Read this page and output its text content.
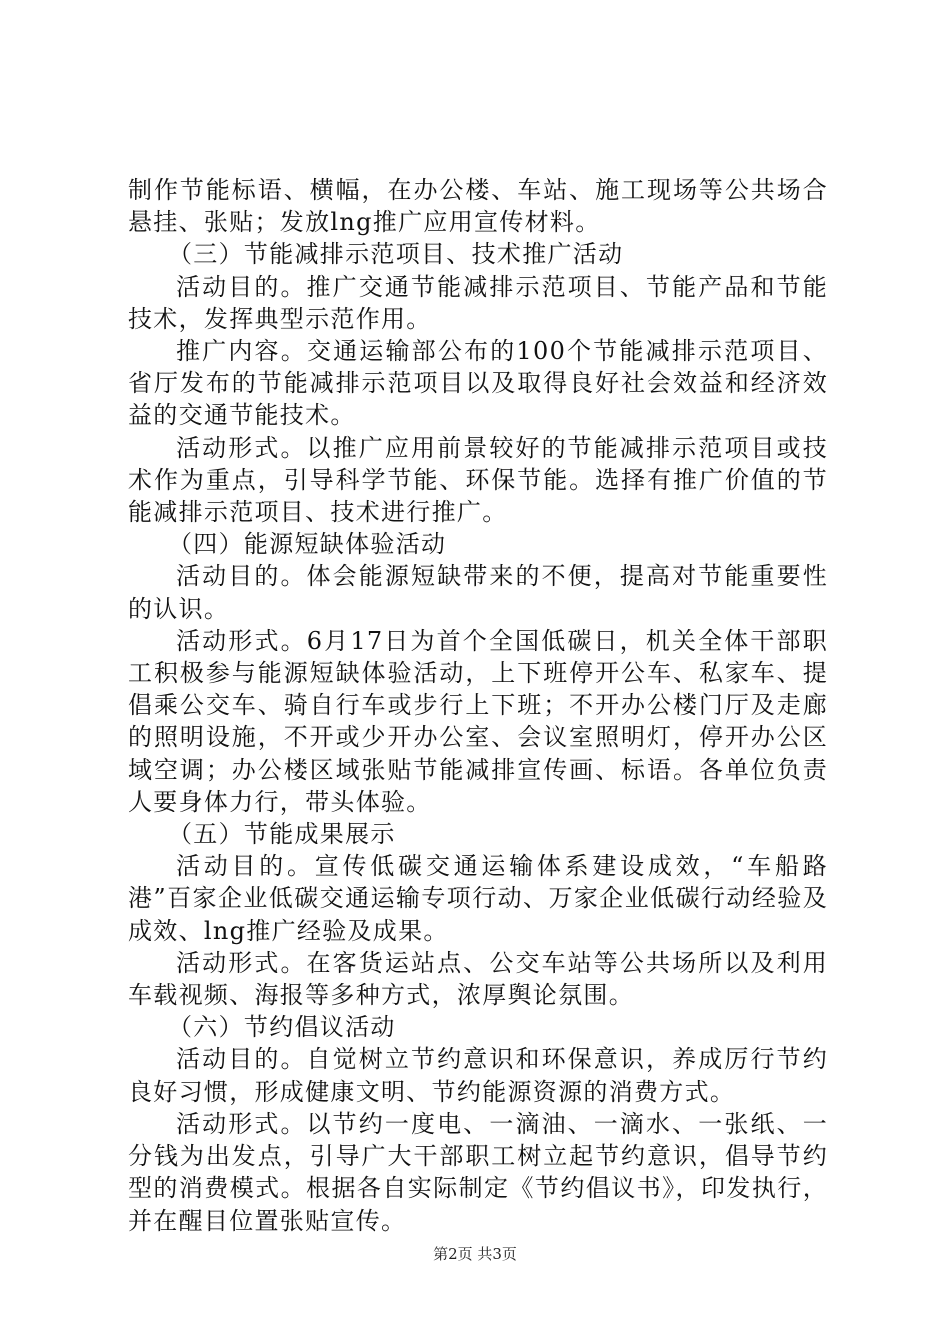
制作节能标语、横幅，在办公楼、车站、施工现场等公共场合悬挂、张贴；发放lng推广应用宣传材料。

（三）节能减排示范项目、技术推广活动

活动目的。推广交通节能减排示范项目、节能产品和节能技术，发挥典型示范作用。

推广内容。交通运输部公布的100个节能减排示范项目、省厅发布的节能减排示范项目以及取得良好社会效益和经济效益的交通节能技术。

活动形式。以推广应用前景较好的节能减排示范项目或技术作为重点，引导科学节能、环保节能。选择有推广价值的节能减排示范项目、技术进行推广。

（四）能源短缺体验活动

活动目的。体会能源短缺带来的不便，提高对节能重要性的认识。

活动形式。6月17日为首个全国低碳日，机关全体干部职工积极参与能源短缺体验活动，上下班停开公车、私家车、提倡乘公交车、骑自行车或步行上下班；不开办公楼门厅及走廊的照明设施，不开或少开办公室、会议室照明灯，停开办公区域空调；办公楼区域张贴节能减排宣传画、标语。各单位负责人要身体力行，带头体验。

（五）节能成果展示

活动目的。宣传低碳交通运输体系建设成效，“车船路港”百家企业低碳交通运输专项行动、万家企业低碳行动经验及成效、lng推广经验及成果。

活动形式。在客货运站点、公交车站等公共场所以及利用车载视频、海报等多种方式，浓厚舆论氛围。

（六）节约倡议活动

活动目的。自觉树立节约意识和环保意识，养成厉行节约良好习惯，形成健康文明、节约能源资源的消费方式。

活动形式。以节约一度电、一滴油、一滴水、一张纸、一分钱为出发点，引导广大干部职工树立起节约意识，倡导节约型的消费模式。根据各自实际制定《节约倡议书》，印发执行，并在醒目位置张贴宣传。

第2页 共3页
